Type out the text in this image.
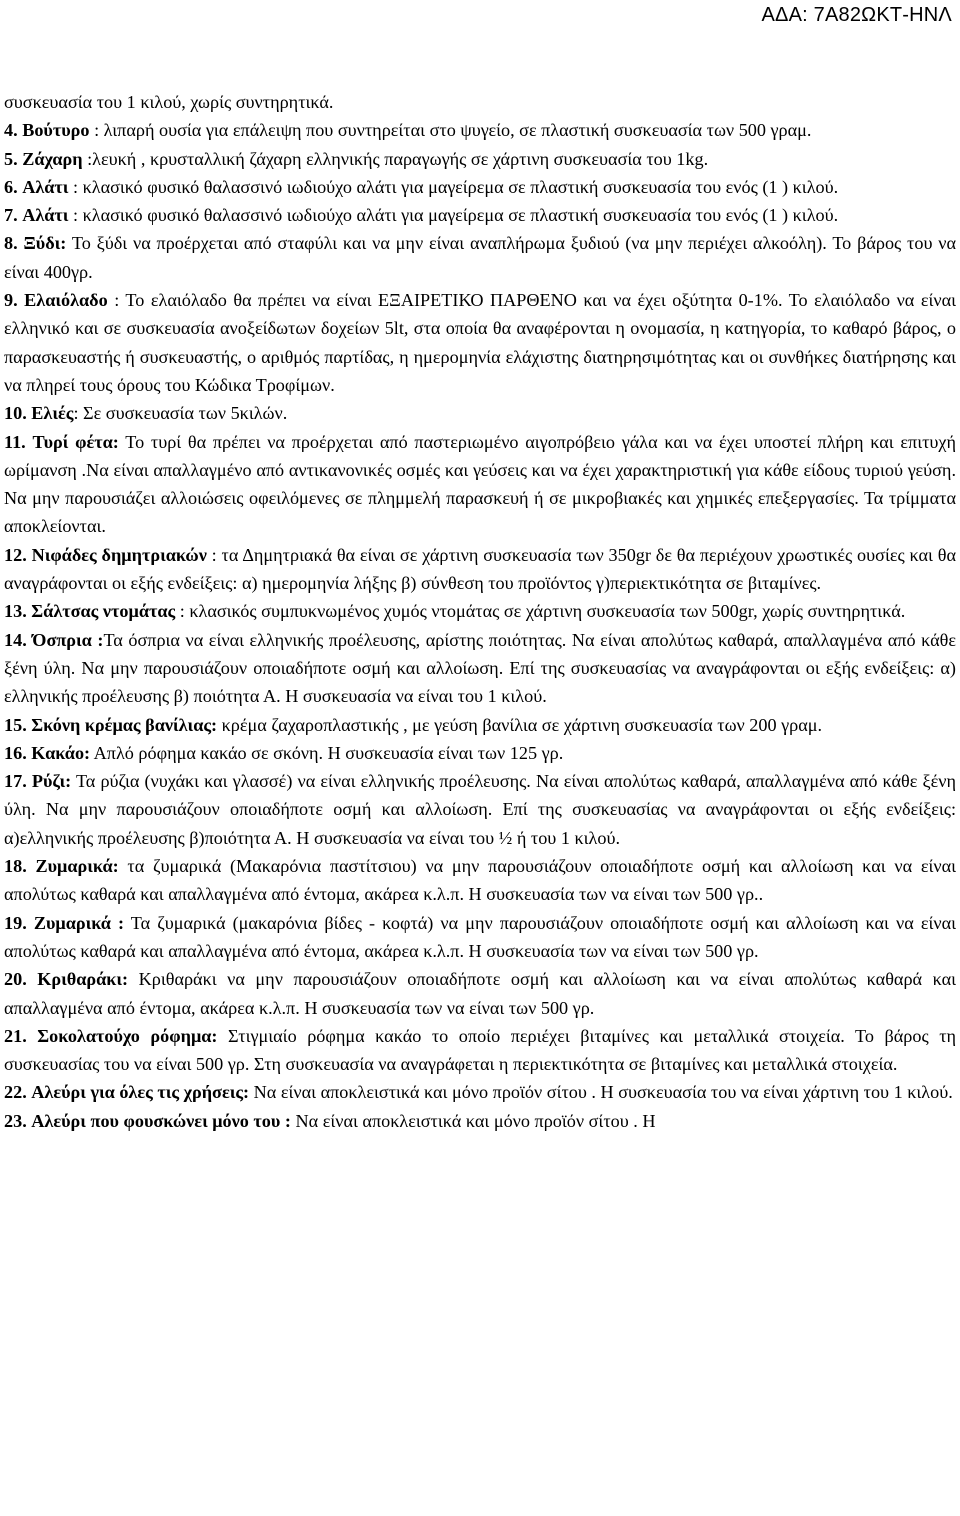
ΑΔΑ: 7Α82ΩΚΤ-ΗΝΛ

συσκευασία του 1 κιλού, χωρίς συντηρητικά.

4. Βούτυρο : λιπαρή ουσία για επάλειψη που συντηρείται στο ψυγείο, σε πλαστική συσκευασία των 500 γραμ.

5. Ζάχαρη :λευκή , κρυσταλλική ζάχαρη ελληνικής παραγωγής σε χάρτινη συσκευασία του 1kg.

6. Αλάτι : κλασικό φυσικό θαλασσινό ιωδιούχο αλάτι για μαγείρεμα σε πλαστική συσκευασία του ενός (1 ) κιλού.

7. Αλάτι : κλασικό φυσικό θαλασσινό ιωδιούχο αλάτι για μαγείρεμα σε πλαστική συσκευασία του ενός (1 ) κιλού.

8. Ξύδι: Το ξύδι να προέρχεται από σταφύλι και να μην είναι αναπλήρωμα ξυδιού (να μην περιέχει αλκοόλη). Το βάρος του να είναι 400γρ.

9. Ελαιόλαδο : Το ελαιόλαδο θα πρέπει να είναι ΕΞΑΙΡΕΤΙΚΟ ΠΑΡΘΕΝΟ και να έχει οξύτητα 0-1%. Το ελαιόλαδο να είναι ελληνικό και σε συσκευασία ανοξείδωτων δοχείων 5lt, στα οποία θα αναφέρονται η ονομασία, η κατηγορία, το καθαρό βάρος, ο παρασκευαστής ή συσκευαστής, ο αριθμός παρτίδας, η ημερομηνία ελάχιστης διατηρησιμότητας και οι συνθήκες διατήρησης και να πληρεί τους όρους του Κώδικα Τροφίμων.

10. Ελιές: Σε συσκευασία των 5κιλών.

11. Τυρί φέτα: Το τυρί θα πρέπει να προέρχεται από παστεριωμένο αιγοπρόβειο γάλα και να έχει υποστεί πλήρη και επιτυχή ωρίμανση .Να είναι απαλλαγμένο από αντικανονικές οσμές και γεύσεις και να έχει χαρακτηριστική για κάθε είδους τυριού γεύση. Να μην παρουσιάζει αλλοιώσεις οφειλόμενες σε πλημμελή παρασκευή ή σε μικροβιακές και χημικές επεξεργασίες. Τα τρίμματα αποκλείονται.

12. Νιφάδες δημητριακών : τα Δημητριακά θα είναι σε χάρτινη συσκευασία των 350gr δε θα περιέχουν χρωστικές ουσίες και θα αναγράφονται οι εξής ενδείξεις: α) ημερομηνία λήξης β) σύνθεση του προϊόντος γ)περιεκτικότητα σε βιταμίνες.

13. Σάλτσας ντομάτας : κλασικός συμπυκνωμένος χυμός ντομάτας σε χάρτινη συσκευασία των 500gr, χωρίς συντηρητικά.

14. Όσπρια :Τα όσπρια να είναι ελληνικής προέλευσης, αρίστης ποιότητας. Να είναι απολύτως καθαρά, απαλλαγμένα από κάθε ξένη ύλη. Να μην παρουσιάζουν οποιαδήποτε οσμή και αλλοίωση. Επί της συσκευασίας να αναγράφονται οι εξής ενδείξεις: α) ελληνικής προέλευσης β) ποιότητα Α. Η συσκευασία να είναι του 1 κιλού.

15. Σκόνη κρέμας βανίλιας: κρέμα ζαχαροπλαστικής , με γεύση βανίλια σε χάρτινη συσκευασία των 200 γραμ.

16. Κακάο: Απλό ρόφημα κακάο σε σκόνη. Η συσκευασία είναι των 125 γρ.

17. Ρύζι: Τα ρύζια (νυχάκι και γλασσέ) να είναι ελληνικής προέλευσης. Να είναι απολύτως καθαρά, απαλλαγμένα από κάθε ξένη ύλη. Να μην παρουσιάζουν οποιαδήποτε οσμή και αλλοίωση. Επί της συσκευασίας να αναγράφονται οι εξής ενδείξεις: α)ελληνικής προέλευσης β)ποιότητα Α. Η συσκευασία να είναι του ½ ή του 1 κιλού.

18. Ζυμαρικά: τα ζυμαρικά (Μακαρόνια παστίτσιου) να μην παρουσιάζουν οποιαδήποτε οσμή και αλλοίωση και να είναι απολύτως καθαρά και απαλλαγμένα από έντομα, ακάρεα κ.λ.π. Η συσκευασία των να είναι των 500 γρ..

19. Ζυμαρικά : Τα ζυμαρικά (μακαρόνια βίδες - κοφτά) να μην παρουσιάζουν οποιαδήποτε οσμή και αλλοίωση και να είναι απολύτως καθαρά και απαλλαγμένα από έντομα, ακάρεα κ.λ.π. Η συσκευασία των να είναι των 500 γρ.

20. Κριθαράκι: Κριθαράκι να μην παρουσιάζουν οποιαδήποτε οσμή και αλλοίωση και να είναι απολύτως καθαρά και απαλλαγμένα από έντομα, ακάρεα κ.λ.π. Η συσκευασία των να είναι των 500 γρ.

21. Σοκολατούχο ρόφημα: Στιγμιαίο ρόφημα κακάο το οποίο περιέχει βιταμίνες και μεταλλικά στοιχεία. Το βάρος τη συσκευασίας του να είναι 500 γρ. Στη συσκευασία να αναγράφεται η περιεκτικότητα σε βιταμίνες και μεταλλικά στοιχεία.

22. Αλεύρι για όλες τις χρήσεις: Να είναι αποκλειστικά και μόνο προϊόν σίτου . Η συσκευασία του να είναι χάρτινη του 1 κιλού.

23. Αλεύρι που φουσκώνει μόνο του : Να είναι αποκλειστικά και μόνο προϊόν σίτου . Η
